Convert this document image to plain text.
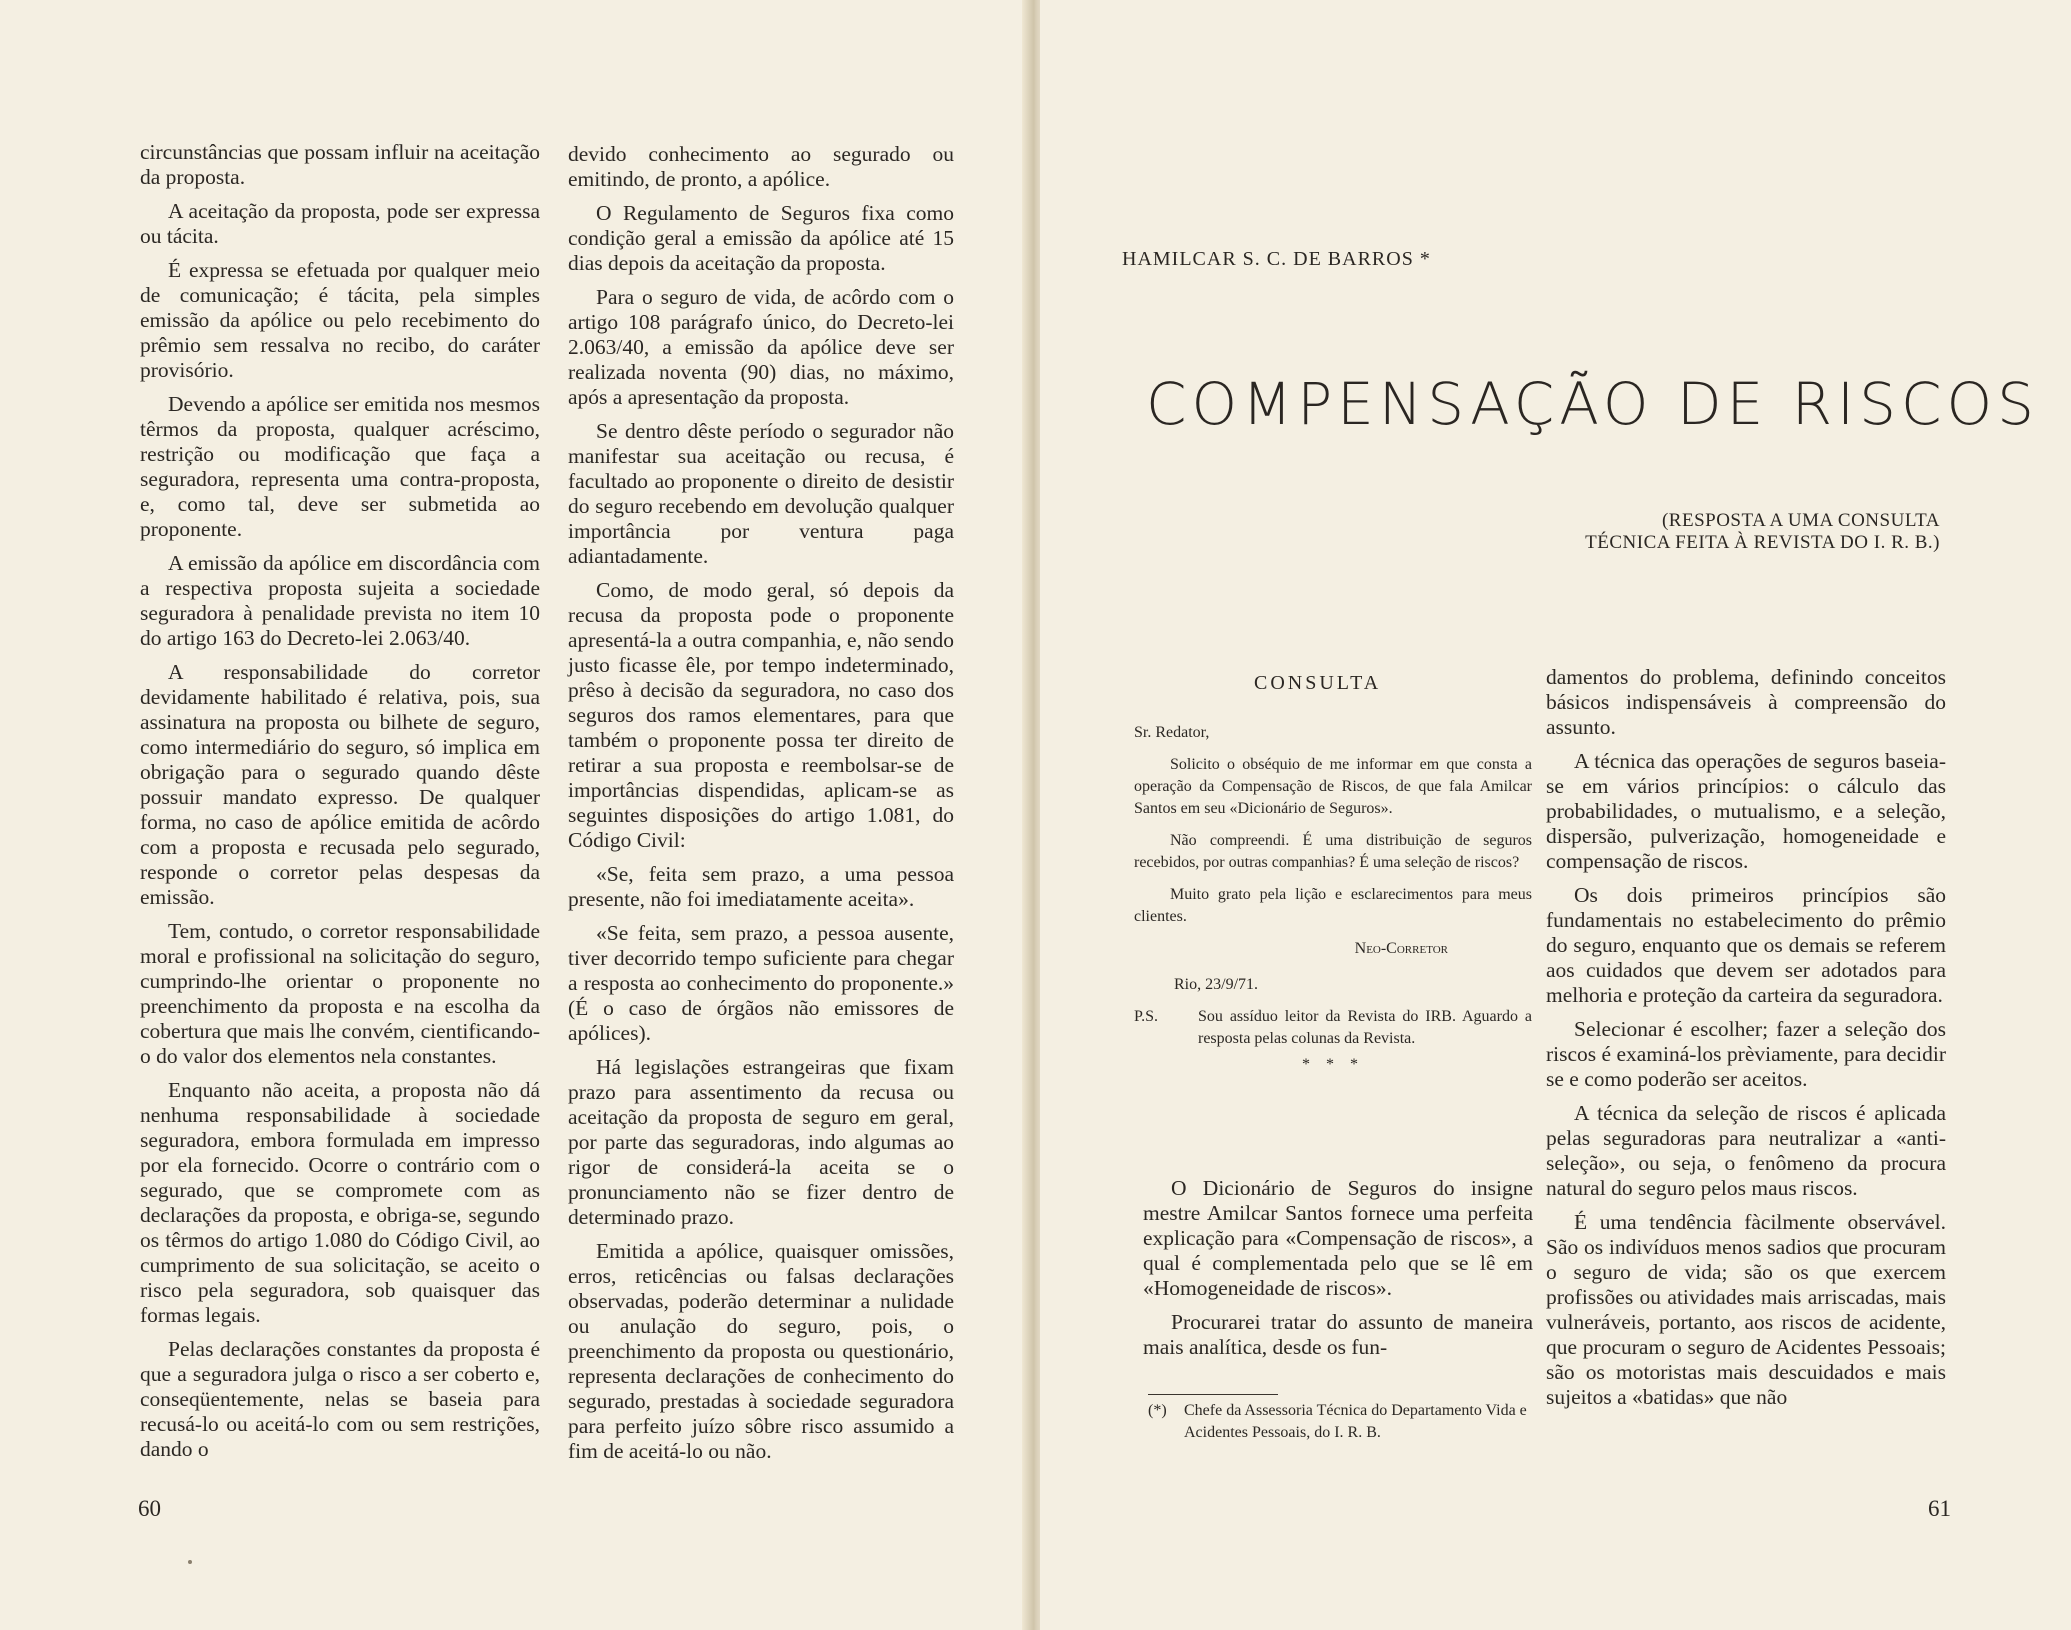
circunstâncias que possam influir na aceitação da proposta.

A aceitação da proposta, pode ser expressa ou tácita.

É expressa se efetuada por qualquer meio de comunicação; é tácita, pela simples emissão da apólice ou pelo recebimento do prêmio sem ressalva no recibo, do caráter provisório.

Devendo a apólice ser emitida nos mesmos têrmos da proposta, qualquer acréscimo, restrição ou modificação que faça a seguradora, representa uma contra-proposta, e, como tal, deve ser submetida ao proponente.

A emissão da apólice em discordância com a respectiva proposta sujeita a sociedade seguradora à penalidade prevista no item 10 do artigo 163 do Decreto-lei 2.063/40.

A responsabilidade do corretor devidamente habilitado é relativa, pois, sua assinatura na proposta ou bilhete de seguro, como intermediário do seguro, só implica em obrigação para o segurado quando dêste possuir mandato expresso. De qualquer forma, no caso de apólice emitida de acôrdo com a proposta e recusada pelo segurado, responde o corretor pelas despesas da emissão.

Tem, contudo, o corretor responsabilidade moral e profissional na solicitação do seguro, cumprindo-lhe orientar o proponente no preenchimento da proposta e na escolha da cobertura que mais lhe convém, cientificando-o do valor dos elementos nela constantes.

Enquanto não aceita, a proposta não dá nenhuma responsabilidade à sociedade seguradora, embora formulada em impresso por ela fornecido. Ocorre o contrário com o segurado, que se compromete com as declarações da proposta, e obriga-se, segundo os têrmos do artigo 1.080 do Código Civil, ao cumprimento de sua solicitação, se aceito o risco pela seguradora, sob quaisquer das formas legais.

Pelas declarações constantes da proposta é que a seguradora julga o risco a ser coberto e, conseqüentemente, nelas se baseia para recusá-lo ou aceitá-lo com ou sem restrições, dando o

devido conhecimento ao segurado ou emitindo, de pronto, a apólice.

O Regulamento de Seguros fixa como condição geral a emissão da apólice até 15 dias depois da aceitação da proposta.

Para o seguro de vida, de acôrdo com o artigo 108 parágrafo único, do Decreto-lei 2.063/40, a emissão da apólice deve ser realizada noventa (90) dias, no máximo, após a apresentação da proposta.

Se dentro dêste período o segurador não manifestar sua aceitação ou recusa, é facultado ao proponente o direito de desistir do seguro recebendo em devolução qualquer importância por ventura paga adiantadamente.

Como, de modo geral, só depois da recusa da proposta pode o proponente apresentá-la a outra companhia, e, não sendo justo ficasse êle, por tempo indeterminado, prêso à decisão da seguradora, no caso dos seguros dos ramos elementares, para que também o proponente possa ter direito de retirar a sua proposta e reembolsar-se de importâncias dispendidas, aplicam-se as seguintes disposições do artigo 1.081, do Código Civil:

«Se, feita sem prazo, a uma pessoa presente, não foi imediatamente aceita».

«Se feita, sem prazo, a pessoa ausente, tiver decorrido tempo suficiente para chegar a resposta ao conhecimento do proponente.» (É o caso de órgãos não emissores de apólices).

Há legislações estrangeiras que fixam prazo para assentimento da recusa ou aceitação da proposta de seguro em geral, por parte das seguradoras, indo algumas ao rigor de considerá-la aceita se o pronunciamento não se fizer dentro de determinado prazo.

Emitida a apólice, quaisquer omissões, erros, reticências ou falsas declarações observadas, poderão determinar a nulidade ou anulação do seguro, pois, o preenchimento da proposta ou questionário, representa declarações de conhecimento do segurado, prestadas à sociedade seguradora para perfeito juízo sôbre risco assumido a fim de aceitá-lo ou não.

60
HAMILCAR S. C. DE BARROS *
COMPENSAÇÃO DE RISCOS
(RESPOSTA A UMA CONSULTA TÉCNICA FEITA À REVISTA DO I. R. B.)
CONSULTA

Sr. Redator,

Solicito o obséquio de me informar em que consta a operação da Compensação de Riscos, de que fala Amilcar Santos em seu «Dicionário de Seguros».

Não compreendi. É uma distribuição de seguros recebidos, por outras companhias? É uma seleção de riscos?

Muito grato pela lição e esclarecimentos para meus clientes.

Neo-Corretor

Rio, 23/9/71.

P.S.	Sou assíduo leitor da Revista do IRB. Aguardo a resposta pelas colunas da Revista.
* * *

O Dicionário de Seguros do insigne mestre Amilcar Santos fornece uma perfeita explicação para «Compensação de riscos», a qual é complementada pelo que se lê em «Homogeneidade de riscos».

Procurarei tratar do assunto de maneira mais analítica, desde os fun-

(*)	Chefe da Assessoria Técnica do Departamento Vida e Acidentes Pessoais, do I. R. B.

damentos do problema, definindo conceitos básicos indispensáveis à compreensão do assunto.

A técnica das operações de seguros baseia-se em vários princípios: o cálculo das probabilidades, o mutualismo, e a seleção, dispersão, pulverização, homogeneidade e compensação de riscos.

Os dois primeiros princípios são fundamentais no estabelecimento do prêmio do seguro, enquanto que os demais se referem aos cuidados que devem ser adotados para melhoria e proteção da carteira da seguradora.

Selecionar é escolher; fazer a seleção dos riscos é examiná-los prèviamente, para decidir se e como poderão ser aceitos.

A técnica da seleção de riscos é aplicada pelas seguradoras para neutralizar a «anti-seleção», ou seja, o fenômeno da procura natural do seguro pelos maus riscos.

É uma tendência fàcilmente observável. São os indivíduos menos sadios que procuram o seguro de vida; são os que exercem profissões ou atividades mais arriscadas, mais vulneráveis, portanto, aos riscos de acidente, que procuram o seguro de Acidentes Pessoais; são os motoristas mais descuidados e mais sujeitos a «batidas» que não

61
